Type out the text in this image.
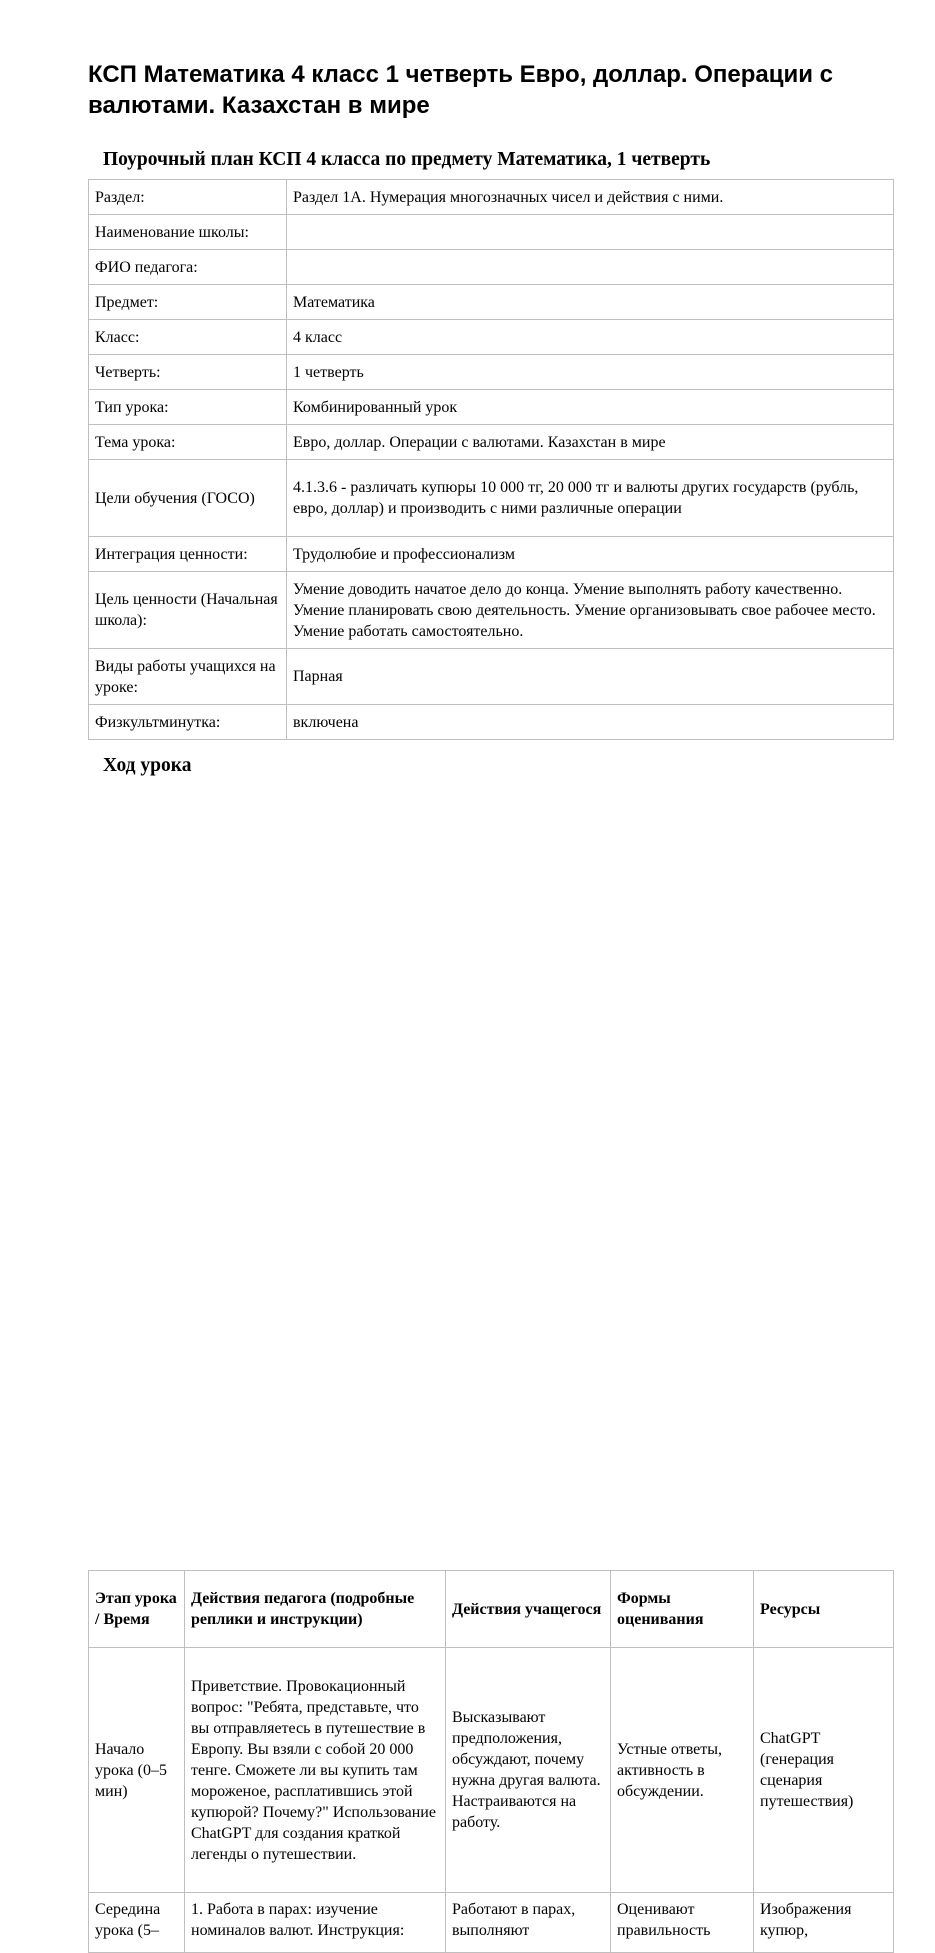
КСП Математика 4 класс 1 четверть Евро, доллар. Операции с валютами. Казахстан в мире
Поурочный план КСП 4 класса по предмету Математика, 1 четверть
Раздел:	Раздел 1А. Нумерация многозначных чисел и действия с ними.
Наименование школы:	
ФИО педагога:	
Предмет:	Математика
Класс:	4 класс
Четверть:	1 четверть
Тип урока:	Комбинированный урок
Тема урока:	Евро, доллар. Операции с валютами. Казахстан в мире
Цели обучения (ГОСО)	4.1.3.6 - различать купюры 10 000 тг, 20 000 тг и валюты других государств (рубль, евро, доллар) и производить с ними различные операции
Интеграция ценности:	Трудолюбие и профессионализм
Цель ценности (Начальная школа):	Умение доводить начатое дело до конца. Умение выполнять работу качественно. Умение планировать свою деятельность. Умение организовывать свое рабочее место. Умение работать самостоятельно.
Виды работы учащихся на уроке:	Парная
Физкультминутка:	включена
Ход урока
Этап урока / Время	Действия педагога (подробные реплики и инструкции)	Действия учащегося	Формы оценивания	Ресурсы
Начало урока (0–5 мин)	Приветствие. Провокационный вопрос: "Ребята, представьте, что вы отправляетесь в путешествие в Европу. Вы взяли с собой 20 000 тенге. Сможете ли вы купить там мороженое, расплатившись этой купюрой? Почему?" Использование ChatGPT для создания краткой легенды о путешествии.	Высказывают предположения, обсуждают, почему нужна другая валюта. Настраиваются на работу.	Устные ответы, активность в обсуждении.	ChatGPT (генерация сценария путешествия)
Середина урока (5–	1. Работа в парах: изучение номиналов валют. Инструкция:	Работают в парах, выполняют	Оценивают правильность	Изображения купюр,
